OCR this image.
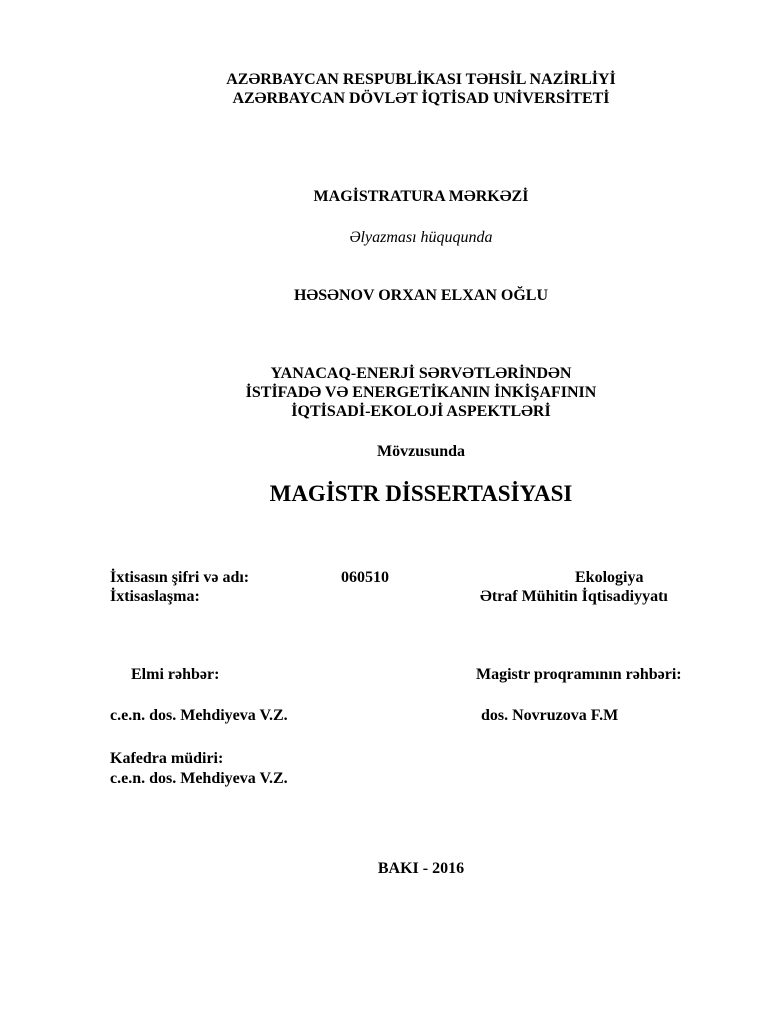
AZƏRBAYCAN RESPUBLİKASI TƏHSİL NAZİRLİYİ
AZƏRBAYCAN DÖVLƏT İQTİSAD UNİVERSİTETİ
MAGİSTRATURA MƏRKƏZİ
Əlyazması hüququnda
HƏSƏNOV ORXAN ELXAN OĞLU
YANACAQ-ENERJİ SƏRVƏTLƏRİNDƏN
İSTİFADƏ VƏ ENERGETİKANIN İNKİŞAFININ
İQTİSADİ-EKOLOJİ ASPEKTLƏRİ
Mövzusunda
MAGİSTR DİSSERTASİYASI
İxtisasın şifri və adı:	060510	Ekologiya
İxtisaslaşma:	Ətraf Mühitin İqtisadiyyatı
Elmi rəhbər:	Magistr proqramının rəhbəri:
c.e.n. dos. Mehdiyeva V.Z.	dos. Novruzova F.M
Kafedra müdiri:
c.e.n. dos. Mehdiyeva V.Z.
BAKI - 2016
